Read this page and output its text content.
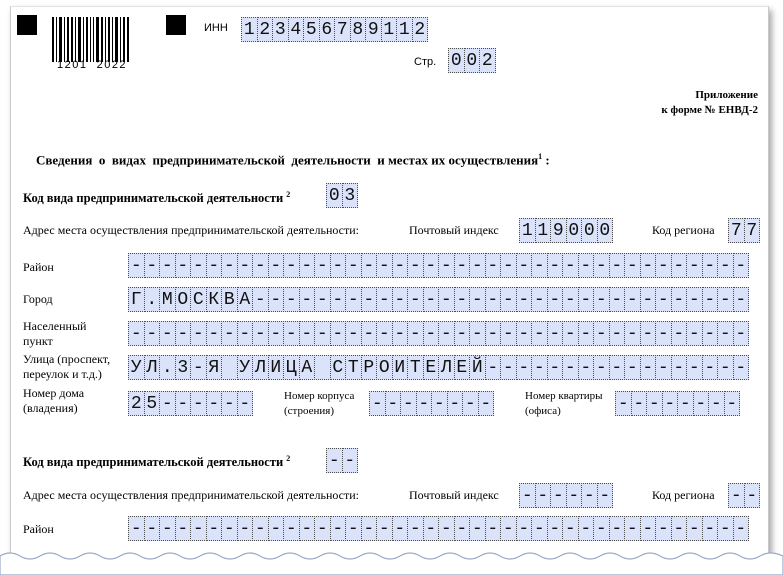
1201  2022
ИНН 1 2 3 4 5 6 7 8 9 1 1 2
Стр. 0 0 2
Приложение
к форме № ЕНВД-2

Сведения  о  видах  предпринимательской  деятельности  и местах их осуществления$^1$ :

Код вида предпринимательской деятельности $^2$ 0 3
Адрес места осуществления предпринимательской деятельности:	Почтовый индекс 1 1 9 0 0 0	Код региона 7 7
Район	- - - - - - - - - - - - - - - - - - - - - - - - - - - - - - - - - - - - - - - -
Город	Г . М О С К В А - - - - - - - - - - - - - - - - - - - - - - - - - - - - - - - -
Населенный
пункт	- - - - - - - - - - - - - - - - - - - - - - - - - - - - - - - - - - - - - - - -
Улица (проспект,
переулок и т.д.) У Л . 3 - Я
У Л И Ц А
С Т Р О И Т Е Л Е Й - - - - - - - - - - - - - - - - -
Номер дома
(владения)	2 5 - - - - - -	Номер корпуса
(строения) - - - - - - - -	Номер квартиры
(офиса)	- - - - - - - -
Код вида предпринимательской деятельности $^2$ - -
Адрес места осуществления предпринимательской деятельности:	Почтовый индекс - - - - - -	Код региона - -
Район	- - - - - - - - - - - - - - - - - - - - - - - - - - - - - - - - - - - - - - - -
